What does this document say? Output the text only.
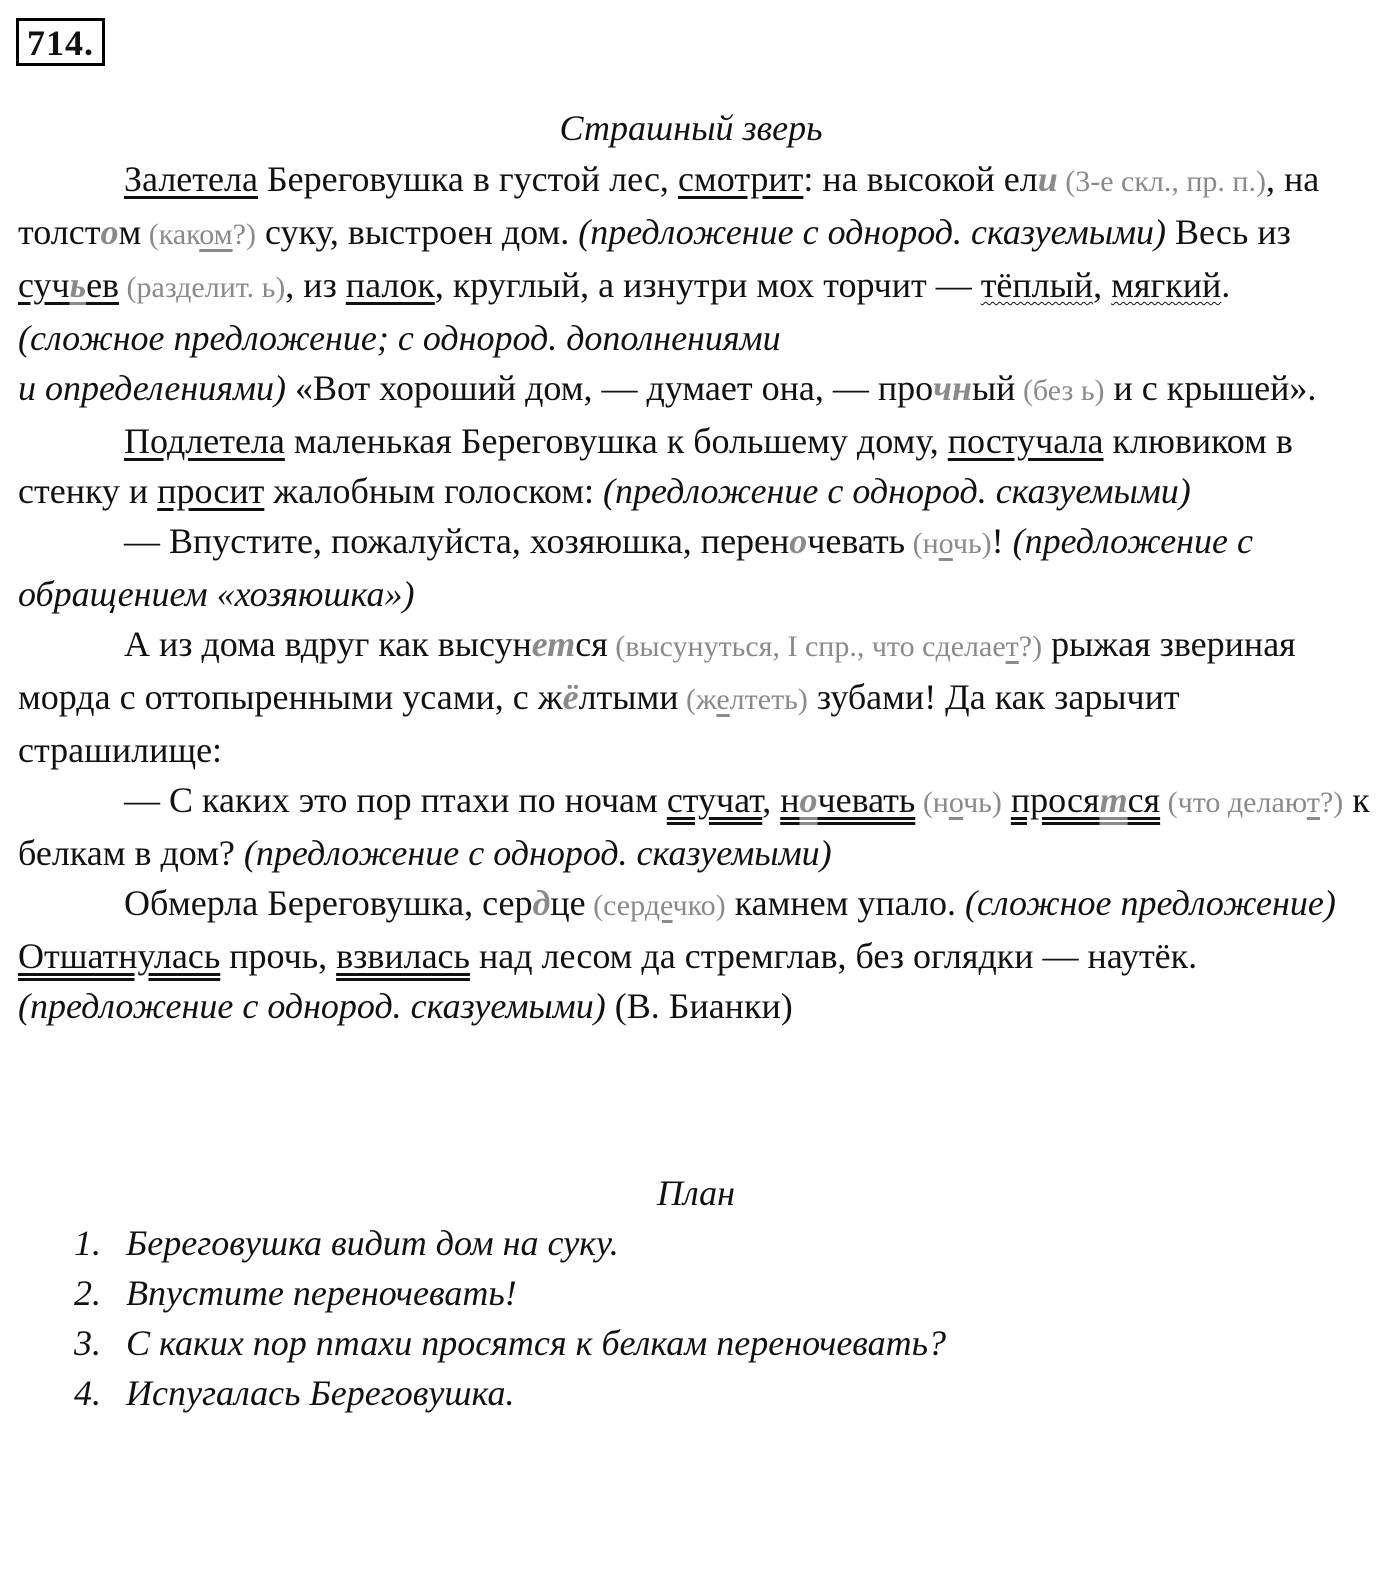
714.
Страшный зверь

Залетела Береговушка в густой лес, смотрит: на высокой ели (3-е скл., пр. п.), на толстом (каком?) суку, выстроен дом. (предложение с однород. сказуемыми) Весь из сучьев (разделит. ь), из палок, круглый, а изнутри мох торчит — тёплый, мягкий. (сложное предложение; с однород. дополнениями
и определениями) «Вот хороший дом, — думает она, — прочный (без ь) и с крышей».

Подлетела маленькая Береговушка к большему дому, постучала клювиком в стенку и просит жалобным голоском: (предложение с однород. сказуемыми)

— Впустите, пожалуйста, хозяюшка, переночевать (ночь)! (предложение с обращением «хозяюшка»)

А из дома вдруг как высунется (высунуться, I спр., что сделает?) рыжая звериная морда с оттопыренными усами, с жёлтыми (желтеть) зубами! Да как зарычит страшилище:

— С каких это пор птахи по ночам стучат, ночевать (ночь) просятся (что делают?) к белкам в дом? (предложение с однород. сказуемыми)

Обмерла Береговушка, сердце (сердечко) камнем упало. (сложное предложение) Отшатнулась прочь, взвилась над лесом да стремглав, без оглядки — наутёк. (предложение с однород. сказуемыми) (В. Бианки)

План
1. Береговушка видит дом на суку.
2. Впустите переночевать!
3. С каких пор птахи просятся к белкам переночевать?
4. Испугалась Береговушка.
